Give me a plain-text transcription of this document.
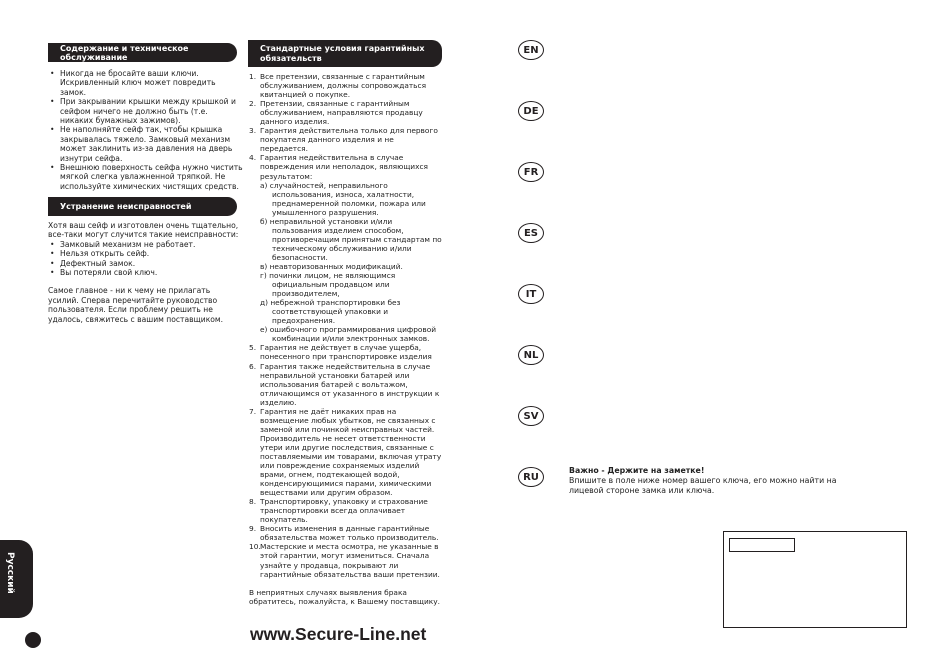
Содержание и техническое обслуживание
• Никогда не бросайте ваши ключи. Искривленный ключ может повредить замок.
• При закрывании крышки между крышкой и сейфом ничего не должно быть (т.е. никаких бумажных зажимов).
• Не наполняйте сейф так, чтобы крышка закрывалась тяжело. Замковый механизм может заклинить из-за давления на дверь изнутри сейфа.
• Внешнюю поверхность сейфа нужно чистить мягкой слегка увлажненной тряпкой. Не используйте химических чистящих средств.
Устранение неисправностей

Хотя ваш сейф и изготовлен очень тщательно, все-таки могут случится такие неисправности:

• Замковый механизм не работает.
• Нельзя открыть сейф.
• Дефектный замок.
• Вы потеряли свой ключ.

Самое главное - ни к чему не прилагать усилий. Сперва перечитайте руководство пользователя. Если проблему решить не удалось, свяжитесь с вашим поставщиком.

Стандартные условия гарантийных обязательств
1. Все претензии, связанные с гарантийным обслуживанием, должны сопровождаться квитанцией о покупке.
2. Претензии, связанные с гарантийным обслуживанием, направляются продавцу данного изделия.
3. Гарантия действительна только для первого покупателя данного изделия и не передается.
4. Гарантия недействительна в случае повреждения или неполадок, являющихся результатом:
а) случайностей, неправильного использования, износа, халатности, преднамеренной поломки, пожара или умышленного разрушения.
б) неправильной установки и/или пользования изделием способом, противоречащим принятым стандартам по техническому обслуживанию и/или безопасности.
в) неавторизованных модификаций.
г) починки лицом, не являющимся официальным продавцом или производителем,
д) небрежной транспортировки без соответствующей упаковки и предохранения.
е) ошибочного программирования цифровой комбинации и/или электронных замков.
5. Гарантия не действует в случае ущерба, понесенного при транспортировке изделия
6. Гарантия также недействительна в случае неправильной установки батарей или использования батарей с вольтажом, отличающимся от указанного в инструкции к изделию.
7. Гарантия не даёт никаких прав на возмещение любых убытков, не связанных с заменой или починкой неисправных частей. Производитель не несет ответственности утери или другие последствия, связанные с поставляемыми им товарами, включая утрату или повреждение сохраняемых изделий врами, огнем, подтекающей водой, конденсирующимися парами, химическими веществами или другим образом.
8. Транспортировку, упаковку и страхование транспортировки всегда оплачивает покупатель.
9. Вносить изменения в данные гарантийные обязательства может только производитель.
10. Мастерские и места осмотра, не указанные в этой гарантии, могут измениться. Сначала узнайте у продавца, покрывают ли гарантийные обязательства ваши претензии.

В неприятных случаях выявления брака обратитесь, пожалуйста, к Вашему поставщику.

EN
DE
FR
ES
IT
NL
SV
RU
Важно - Держите на заметке!
Впишите в поле ниже номер вашего ключа, его можно найти на лицевой стороне замка или ключа.
Русский
www.Secure-Line.net
